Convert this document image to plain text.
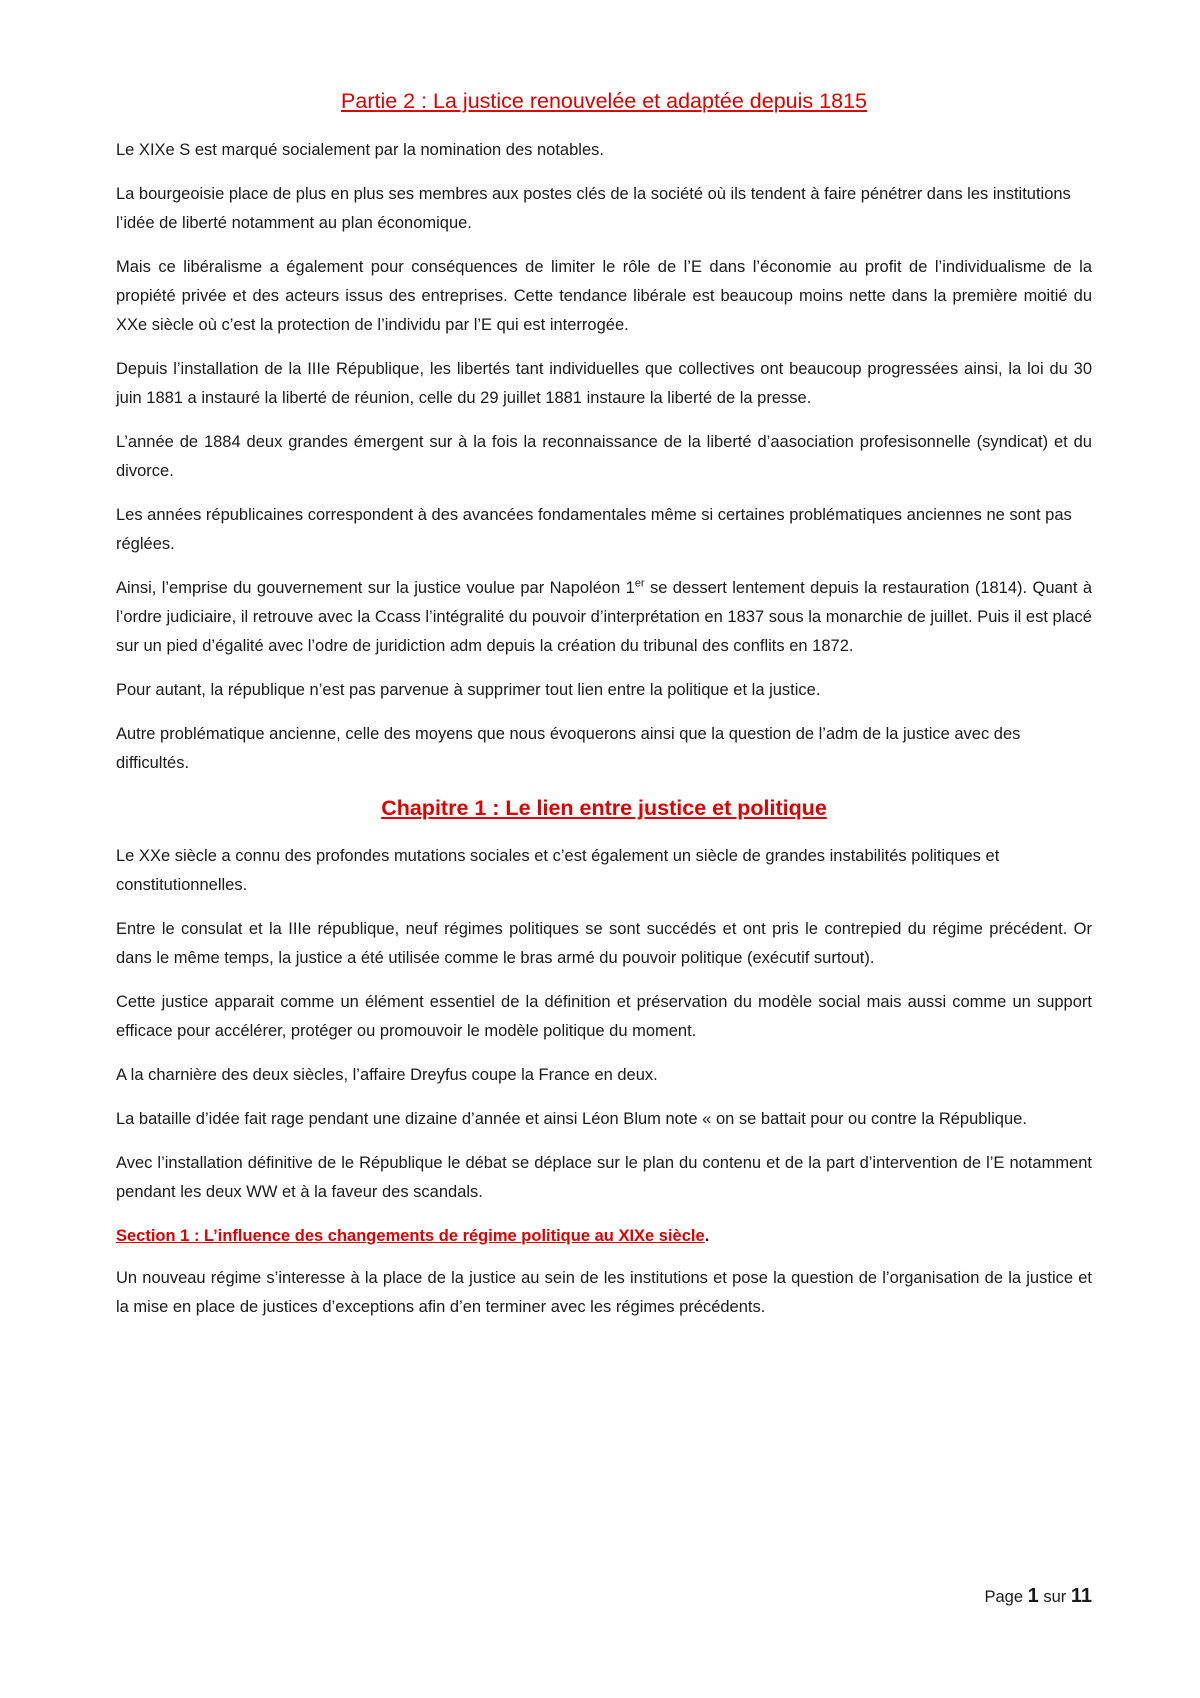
Partie 2 : La justice renouvelée et adaptée depuis 1815

Le XIXe S est marqué socialement par la nomination des notables.

La bourgeoisie place de plus en plus ses membres aux postes clés de la société où ils tendent à faire pénétrer dans les institutions l’idée de liberté notamment au plan économique.

Mais ce libéralisme a également pour conséquences de limiter le rôle de l’E dans l’économie au profit de l’individualisme de la propiété privée et des acteurs issus des entreprises. Cette tendance libérale est beaucoup moins nette dans la première moitié du XXe siècle où c’est la protection de l’individu par l’E qui est interrogée.

Depuis l’installation de la IIIe République, les libertés tant individuelles que collectives ont beaucoup progressées ainsi, la loi du 30 juin 1881 a instauré la liberté de réunion, celle du 29 juillet 1881 instaure la liberté de la presse.

L’année de 1884 deux grandes émergent sur à la fois la reconnaissance de la liberté d’aasociation profesisonnelle (syndicat) et du divorce.

Les années républicaines correspondent à des avancées fondamentales même si certaines problématiques anciennes ne sont pas réglées.

Ainsi, l’emprise du gouvernement sur la justice voulue par Napoléon 1er se dessert lentement depuis la restauration (1814). Quant à l’ordre judiciaire, il retrouve avec la Ccass l’intégralité du pouvoir d’interprétation en 1837 sous la monarchie de juillet. Puis il est placé sur un pied d’égalité avec l’odre de juridiction adm depuis la création du tribunal des conflits en 1872.

Pour autant, la république n’est pas parvenue à supprimer tout lien entre la politique et la justice.

Autre problématique ancienne, celle des moyens que nous évoquerons ainsi que la question de l’adm de la justice avec des difficultés.

Chapitre 1 : Le lien entre justice et politique

Le XXe siècle a connu des profondes mutations sociales et c’est également un siècle de grandes instabilités politiques et constitutionnelles.

Entre le consulat et la IIIe république, neuf régimes politiques se sont succédés et ont pris le contrepied du régime précédent. Or dans le même temps, la justice a été utilisée comme le bras armé du pouvoir politique (exécutif surtout).

Cette justice apparait comme un élément essentiel de la définition et préservation du modèle social mais aussi comme un support efficace pour accélérer, protéger ou promouvoir le modèle politique du moment.

A la charnière des deux siècles, l’affaire Dreyfus coupe la France en deux.

La bataille d’idée fait rage pendant une dizaine d’année et ainsi Léon Blum note « on se battait pour ou contre la République.

Avec l’installation définitive de le République le débat se déplace sur le plan du contenu et de la part d’intervention de l’E notamment pendant les deux WW et à la faveur des scandals.

Section 1 : L’influence des changements de régime politique au XIXe siècle.

Un nouveau régime s’interesse à la place de la justice au sein de les institutions et pose la question de l’organisation de la justice et la mise en place de justices d’exceptions afin d’en terminer avec les régimes précédents.

Page 1 sur 11
